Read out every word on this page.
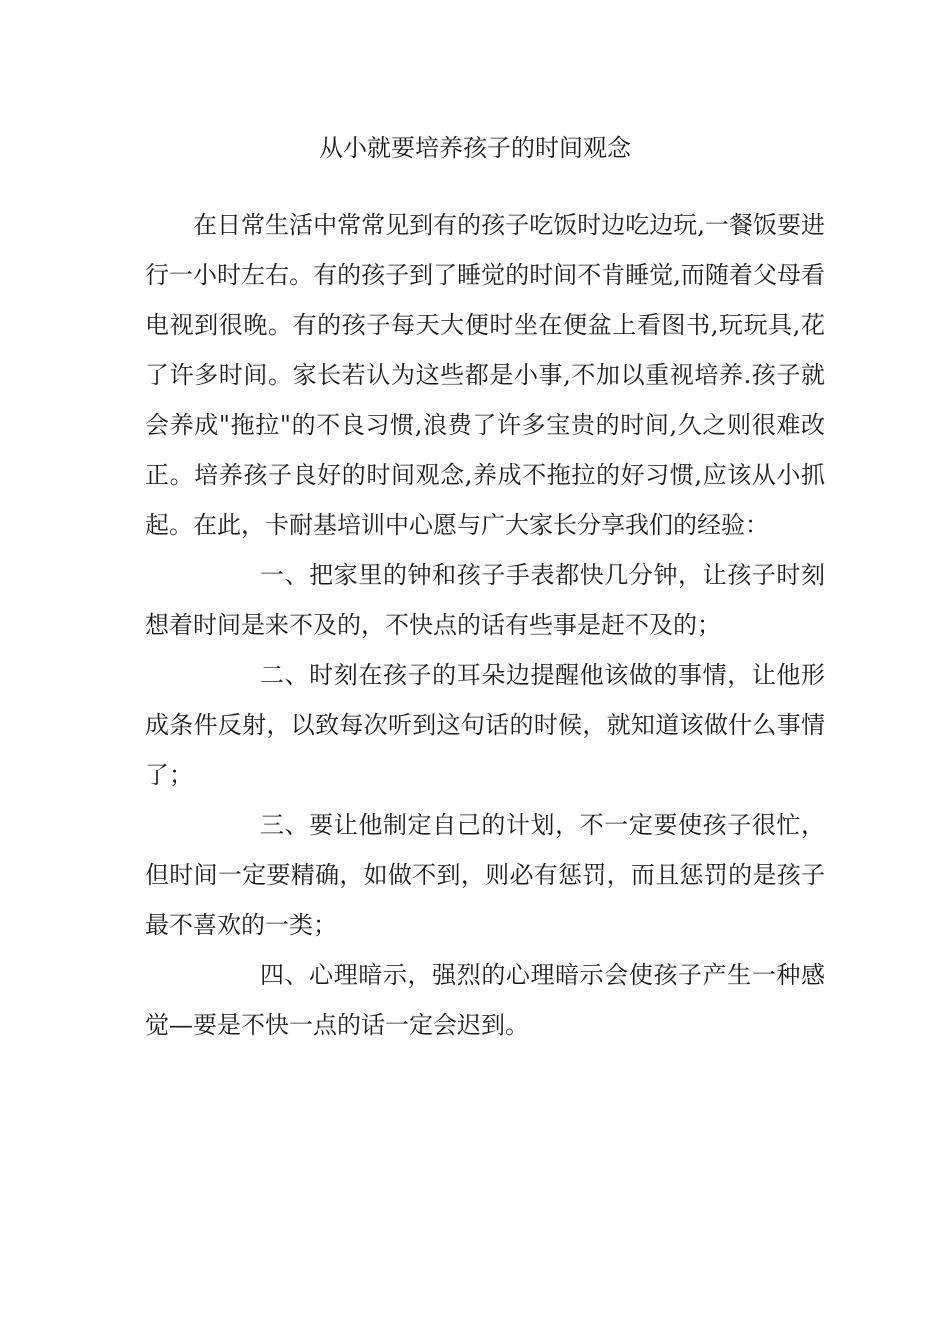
从小就要培养孩子的时间观念

在日常生活中常常见到有的孩子吃饭时边吃边玩,一餐饭要进行一小时左右。有的孩子到了睡觉的时间不肯睡觉,而随着父母看电视到很晚。有的孩子每天大便时坐在便盆上看图书,玩玩具,花了许多时间。家长若认为这些都是小事,不加以重视培养.孩子就会养成"拖拉"的不良习惯,浪费了许多宝贵的时间,久之则很难改正。培养孩子良好的时间观念,养成不拖拉的好习惯,应该从小抓起。在此，卡耐基培训中心愿与广大家长分享我们的经验：

一、把家里的钟和孩子手表都快几分钟，让孩子时刻想着时间是来不及的，不快点的话有些事是赶不及的；

二、时刻在孩子的耳朵边提醒他该做的事情，让他形成条件反射，以致每次听到这句话的时候，就知道该做什么事情了；

三、要让他制定自己的计划，不一定要使孩子很忙，但时间一定要精确，如做不到，则必有惩罚，而且惩罚的是孩子最不喜欢的一类；

四、心理暗示，强烈的心理暗示会使孩子产生一种感觉—要是不快一点的话一定会迟到。
